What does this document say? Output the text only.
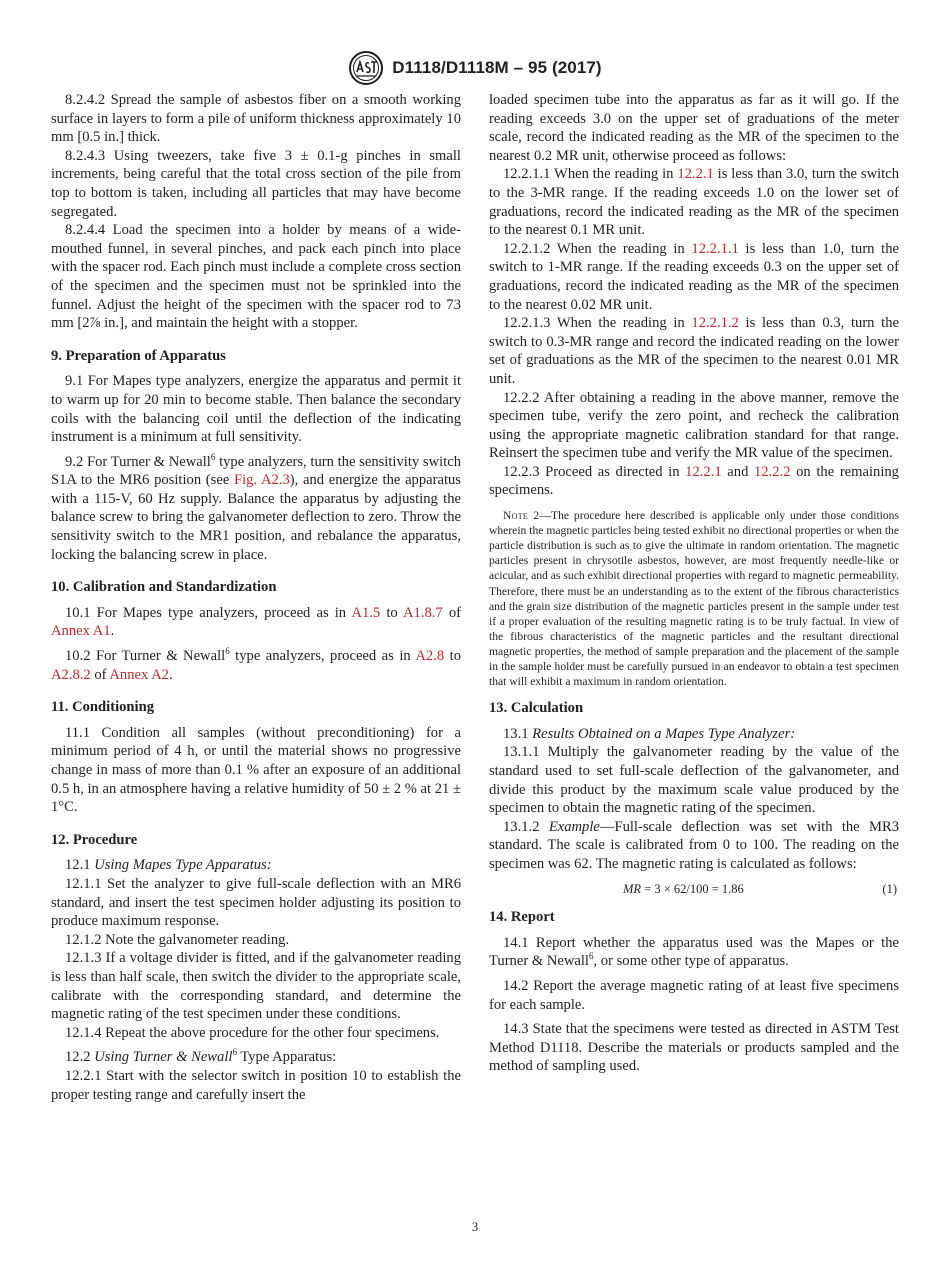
D1118/D1118M – 95 (2017)

8.2.4.2 Spread the sample of asbestos fiber on a smooth working surface in layers to form a pile of uniform thickness approximately 10 mm [0.5 in.] thick.

8.2.4.3 Using tweezers, take five 3 ± 0.1-g pinches in small increments, being careful that the total cross section of the pile from top to bottom is taken, including all particles that may have become segregated.

8.2.4.4 Load the specimen into a holder by means of a wide-mouthed funnel, in several pinches, and pack each pinch into place with the spacer rod. Each pinch must include a complete cross section of the specimen and the specimen must not be sprinkled into the funnel. Adjust the height of the specimen with the spacer rod to 73 mm [2⅞ in.], and maintain the height with a stopper.

9. Preparation of Apparatus

9.1 For Mapes type analyzers, energize the apparatus and permit it to warm up for 20 min to become stable. Then balance the secondary coils with the balancing coil until the deflection of the indicating instrument is a minimum at full sensitivity.

9.2 For Turner & Newall$^6$ type analyzers, turn the sensitivity switch S1A to the MR6 position (see Fig. A2.3), and energize the apparatus with a 115-V, 60 Hz supply. Balance the apparatus by adjusting the balance screw to bring the galvanometer deflection to zero. Throw the sensitivity switch to the MR1 position, and rebalance the apparatus, locking the balancing screw in place.

10. Calibration and Standardization

10.1 For Mapes type analyzers, proceed as in A1.5 to A1.8.7 of Annex A1.

10.2 For Turner & Newall$^6$ type analyzers, proceed as in A2.8 to A2.8.2 of Annex A2.

11. Conditioning

11.1 Condition all samples (without preconditioning) for a minimum period of 4 h, or until the material shows no progressive change in mass of more than 0.1 % after an exposure of an additional 0.5 h, in an atmosphere having a relative humidity of 50 ± 2 % at 21 ± 1°C.

12. Procedure

12.1 Using Mapes Type Apparatus:

12.1.1 Set the analyzer to give full-scale deflection with an MR6 standard, and insert the test specimen holder adjusting its position to produce maximum response.

12.1.2 Note the galvanometer reading.

12.1.3 If a voltage divider is fitted, and if the galvanometer reading is less than half scale, then switch the divider to the appropriate scale, calibrate with the corresponding standard, and determine the magnetic rating of the test specimen under these conditions.

12.1.4 Repeat the above procedure for the other four specimens.

12.2 Using Turner & Newall$^6$ Type Apparatus:

12.2.1 Start with the selector switch in position 10 to establish the proper testing range and carefully insert the

loaded specimen tube into the apparatus as far as it will go. If the reading exceeds 3.0 on the upper set of graduations of the meter scale, record the indicated reading as the MR of the specimen to the nearest 0.2 MR unit, otherwise proceed as follows:

12.2.1.1 When the reading in 12.2.1 is less than 3.0, turn the switch to the 3-MR range. If the reading exceeds 1.0 on the lower set of graduations, record the indicated reading as the MR of the specimen to the nearest 0.1 MR unit.

12.2.1.2 When the reading in 12.2.1.1 is less than 1.0, turn the switch to 1-MR range. If the reading exceeds 0.3 on the upper set of graduations, record the indicated reading as the MR of the specimen to the nearest 0.02 MR unit.

12.2.1.3 When the reading in 12.2.1.2 is less than 0.3, turn the switch to 0.3-MR range and record the indicated reading on the lower set of graduations as the MR of the specimen to the nearest 0.01 MR unit.

12.2.2 After obtaining a reading in the above manner, remove the specimen tube, verify the zero point, and recheck the calibration using the appropriate magnetic calibration standard for that range. Reinsert the specimen tube and verify the MR value of the specimen.

12.2.3 Proceed as directed in 12.2.1 and 12.2.2 on the remaining specimens.

Note 2—The procedure here described is applicable only under those conditions wherein the magnetic particles being tested exhibit no directional properties or when the particle distribution is such as to give the ultimate in random orientation. The magnetic particles present in chrysotile asbestos, however, are most frequently needle-like or acicular, and as such exhibit directional properties with regard to magnetic permeability. Therefore, there must be an understanding as to the extent of the fibrous characteristics and the grain size distribution of the magnetic particles present in the sample under test if a proper evaluation of the resulting magnetic rating is to be truly factual. In view of the fibrous characteristics of the magnetic particles and the resultant directional magnetic properties, the method of sample preparation and the placement of the sample in the sample holder must be carefully pursued in an endeavor to obtain a test specimen that will exhibit a maximum in random orientation.

13. Calculation

13.1 Results Obtained on a Mapes Type Analyzer:

13.1.1 Multiply the galvanometer reading by the value of the standard used to set full-scale deflection of the galvanometer, and divide this product by the maximum scale value produced by the specimen to obtain the magnetic rating of the specimen.

13.1.2 Example—Full-scale deflection was set with the MR3 standard. The scale is calibrated from 0 to 100. The reading on the specimen was 62. The magnetic rating is calculated as follows:

MR = 3 × 62/100 = 1.86	(1)
14. Report

14.1 Report whether the apparatus used was the Mapes or the Turner & Newall$^6$, or some other type of apparatus.

14.2 Report the average magnetic rating of at least five specimens for each sample.

14.3 State that the specimens were tested as directed in ASTM Test Method D1118. Describe the materials or products sampled and the method of sampling used.

3
